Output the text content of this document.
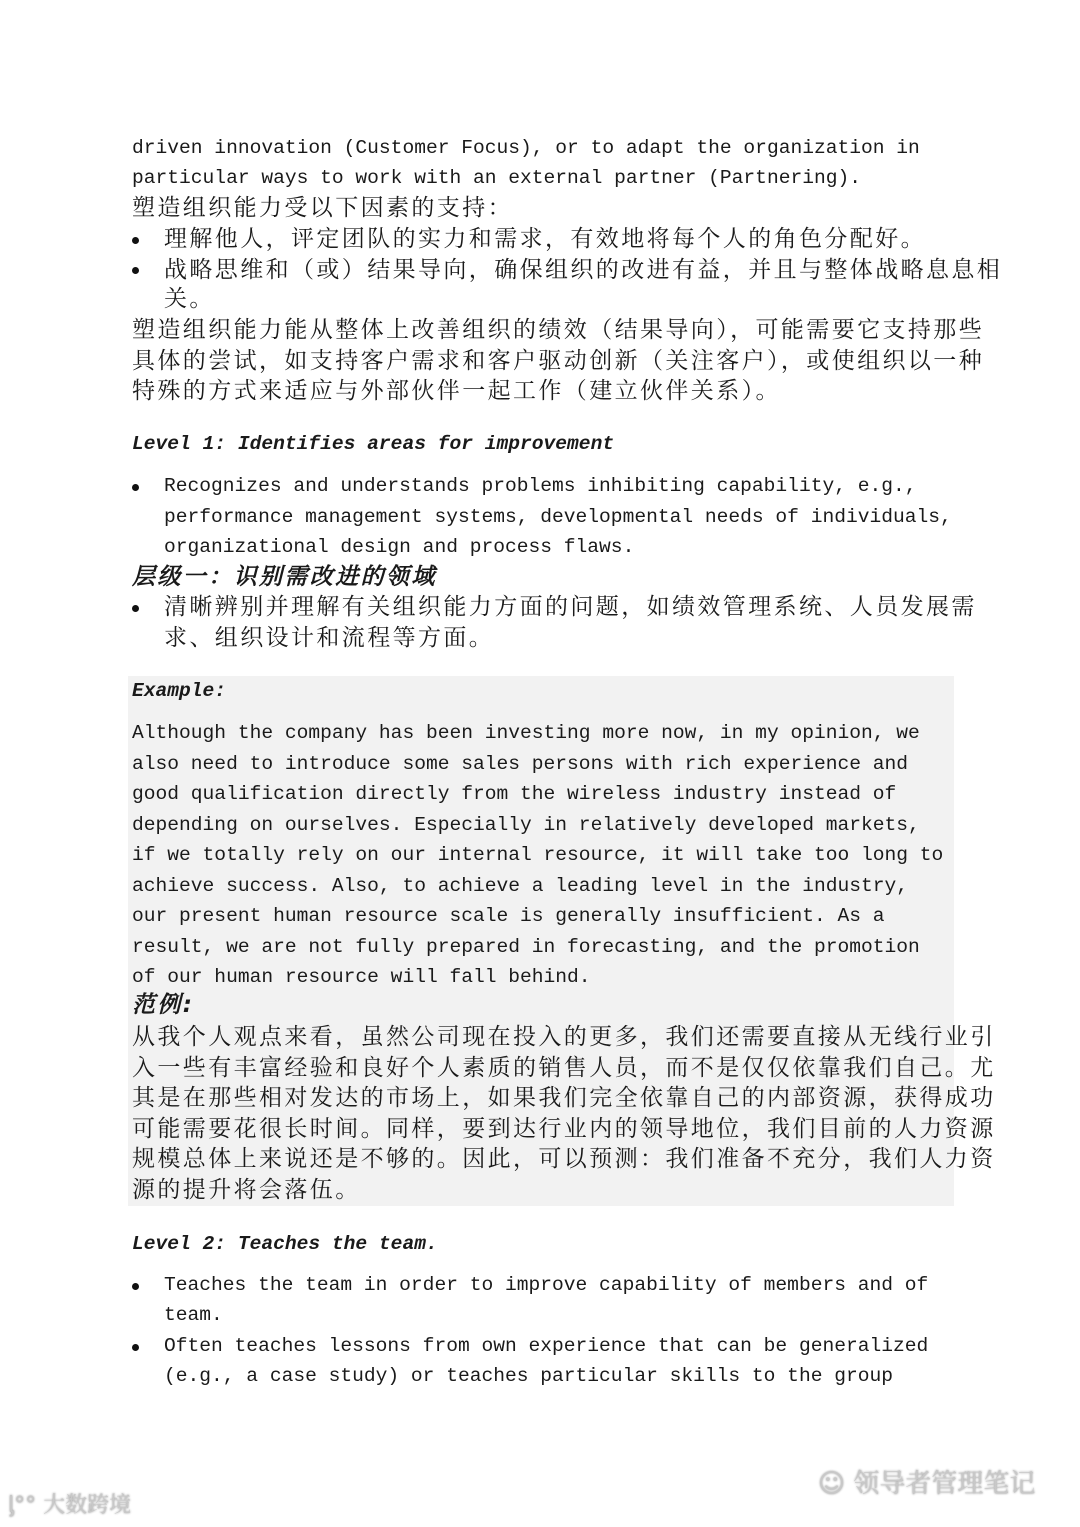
driven innovation (Customer Focus), or to adapt the organization in
particular ways to work with an external partner (Partnering).
塑造组织能力受以下因素的支持：
理解他人，评定团队的实力和需求，有效地将每个人的角色分配好。
战略思维和（或）结果导向，确保组织的改进有益，并且与整体战略息息相
关。
塑造组织能力能从整体上改善组织的绩效（结果导向），可能需要它支持那些
具体的尝试，如支持客户需求和客户驱动创新（关注客户），或使组织以一种
特殊的方式来适应与外部伙伴一起工作（建立伙伴关系）。
Level 1: Identifies areas for improvement
Recognizes and understands problems inhibiting capability, e.g.,
performance management systems, developmental needs of individuals,
organizational design and process flaws.
层级一：识别需改进的领域
清晰辨别并理解有关组织能力方面的问题，如绩效管理系统、人员发展需
求、组织设计和流程等方面。
Example:
Although the company has been investing more now, in my opinion, we
also need to introduce some sales persons with rich experience and
good qualification directly from the wireless industry instead of
depending on ourselves. Especially in relatively developed markets,
if we totally rely on our internal resource, it will take too long to
achieve success. Also, to achieve a leading level in the industry,
our present human resource scale is generally insufficient. As a
result, we are not fully prepared in forecasting, and the promotion
of our human resource will fall behind.
范例:
从我个人观点来看，虽然公司现在投入的更多，我们还需要直接从无线行业引
入一些有丰富经验和良好个人素质的销售人员，而不是仅仅依靠我们自己。尤
其是在那些相对发达的市场上，如果我们完全依靠自己的内部资源，获得成功
可能需要花很长时间。同样，要到达行业内的领导地位，我们目前的人力资源
规模总体上来说还是不够的。因此，可以预测：我们准备不充分，我们人力资
源的提升将会落伍。
Level 2: Teaches the team.
Teaches the team in order to improve capability of members and of
team.
Often teaches lessons from own experience that can be generalized
(e.g., a case study) or teaches particular skills to the group
ᶅ°° 大数跨境
☺ 领导者管理笔记
